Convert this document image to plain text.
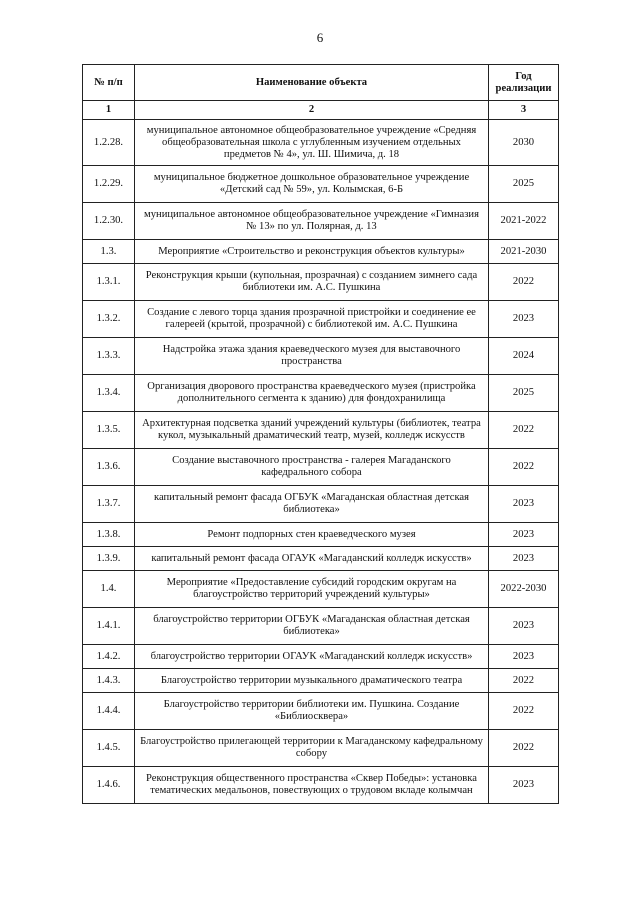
6
№ п/п	Наименование объекта	Год реализации
1	2	3
1.2.28.	муниципальное автономное общеобразовательное учреждение «Средняя общеобразовательная школа с углубленным изучением отдельных предметов № 4», ул. Ш. Шимича, д. 18	2030
1.2.29.	муниципальное бюджетное дошкольное образовательное учреждение «Детский сад № 59», ул. Колымская, 6-Б	2025
1.2.30.	муниципальное автономное общеобразовательное учреждение «Гимназия № 13» по ул. Полярная, д. 13	2021-2022
1.3.	Мероприятие «Строительство и реконструкция объектов культуры»	2021-2030
1.3.1.	Реконструкция крыши (купольная, прозрачная) с созданием зимнего сада библиотеки им. А.С. Пушкина	2022
1.3.2.	Создание с левого торца здания прозрачной пристройки и соединение ее галереей (крытой, прозрачной) с библиотекой им. А.С. Пушкина	2023
1.3.3.	Надстройка этажа здания краеведческого музея для выставочного пространства	2024
1.3.4.	Организация дворового пространства краеведческого музея (пристройка дополнительного сегмента к зданию) для фондохранилища	2025
1.3.5.	Архитектурная подсветка зданий учреждений культуры (библиотек, театра кукол, музыкальный драматический театр, музей, колледж искусств	2022
1.3.6.	Создание выставочного пространства - галерея Магаданского кафедрального собора	2022
1.3.7.	капитальный ремонт фасада ОГБУК «Магаданская областная детская библиотека»	2023
1.3.8.	Ремонт подпорных стен краеведческого музея	2023
1.3.9.	капитальный ремонт фасада ОГАУК «Магаданский колледж искусств»	2023
1.4.	Мероприятие «Предоставление субсидий городским округам на благоустройство территорий учреждений культуры»	2022-2030
1.4.1.	благоустройство территории ОГБУК «Магаданская областная детская библиотека»	2023
1.4.2.	благоустройство территории ОГАУК «Магаданский колледж искусств»	2023
1.4.3.	Благоустройство территории музыкального драматического театра	2022
1.4.4.	Благоустройство территории библиотеки им. Пушкина. Создание «Библиосквера»	2022
1.4.5.	Благоустройство прилегающей территории к Магаданскому кафедральному собору	2022
1.4.6.	Реконструкция общественного пространства «Сквер Победы»: установка тематических медальонов, повествующих о трудовом вкладе колымчан	2023
